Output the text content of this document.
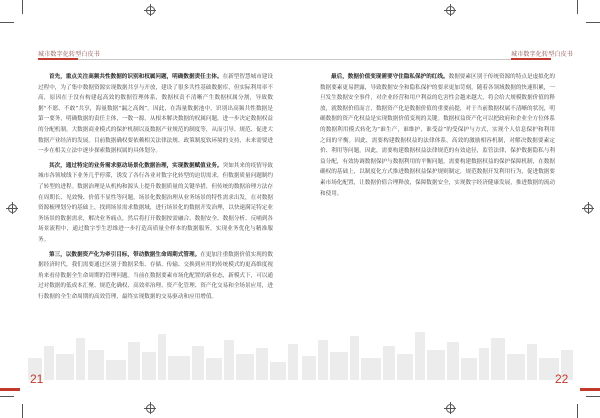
城市数字化转型白皮书	城市数字化转型白皮书

首先，重点关注高频共性数据的识别和权属问题，明确数据责任主体。在新型智慧城市建设过程中，为了集中数据资源实现数据共享与开放，建设了很多共性基础数据库，但实际利用率不高，原因在于没有构建起高效的数据管理体系，数据权责不清晰产生数据权属分割，导致数据“不愿、不敢”共享，海量数据“漏之高阁”。因此，在海量数据池中，识别出高频共性数据是第一要务，明确数据的责任主体，一数一源，从根本解决数据的权属问题，进一步决定数据权益的分配机制。大数据商业模式的保护机制以及数据产业规范的制度等，从而引导、规范、促进大数据产业经济的发展。目前数据确权要依赖相关法律法规、政策制度软环境的支持，未来需要进一步在相关立法中逐步探索数据权属的具体划分。

其次，通过特定的业务需求驱动场景化数据治理，实现数据赋值业务。突如其来的疫情导致城市各领域线下业务几乎停滞，诱发了各行各业对数字化转型的迫切需求，但数据质量问题制约了转型的进程。数据治理是从机构和源头上提升数据质量的关键举措，但传统的数据治理方法存在周期长、见效慢、价值不显性等问题，场景化数据治理从业务场景的特性需求出发，在对数据资源梳理划分的基础上，找到场景需求数据域，进行场景化的数据开发治理，以快速满足特定业务场景的数据需求，解决业务痛点。然后将打开数据按需融合、数据安全、数据分析、反哺到各场景流程中，通过数字孪生思维进一步打造高质量全样本的数据服务，实现业务优化与精准服务。

第三，以数据资产化为牵引目标，带动数据生命周期式管理。在更加注重数据价值实现的数据经济时代，我们需要通过区别于数据采集、存储、传输、交换到应用的传统模式的更高维度视角来看待数据全生命周期的管理问题。当前在数据要素市场化配置的新业态，新模式下，可以通过对数据的低成本汇聚、规范化确权、高效率治理、资产化管理、资产化交易和全场景应用，进行数据的全生命周期的高效管理，最终实现数据的交易驱动和应用增值。

最后，数据价值变现需要守住隐私保护的红线。数据要素区别于传统资源的特点是虚拟化的数据要素更易泄露，导致数据安全和隐私保护的要求更加苛刻，随着各领域数据的快速积累，一旦发生数据安全事件，对企业经营和用户利益的危害性会越来越大，将会给大规模数据价值的释放，就数据价值而言，数据资产化是数据价值的重要前提，对于当前数据权属不清晰的状况，明确数据的资产化权益是实现数据价值变现的关键。数据权益资产化可以把政府和企业全方位体系的数据利用模式转化为“谁生产，谁维护，谁受益”的受保护与方式，实现个人信息保护和利用之间的平衡。因此，需要构建数据权益的法律体系，高效的激励相容机制，对解决数据要素定价、利用等问题，因此，需要构建数据权益法律规范的有效途径，监管法律，保护数据隐私与利益分配，有效协调数据保护与数据利用的平衡问题，需要构建数据权益的保护保障机制，在数据确权的基础上，以制度化方式推进数据权益保护规则制定，规范数据开发利用行为，促进数据要素市场化配置，让数据价值合理释放，保障数据安全，实现数字经济健康发展，推进数据的流动和使用。

21	22
